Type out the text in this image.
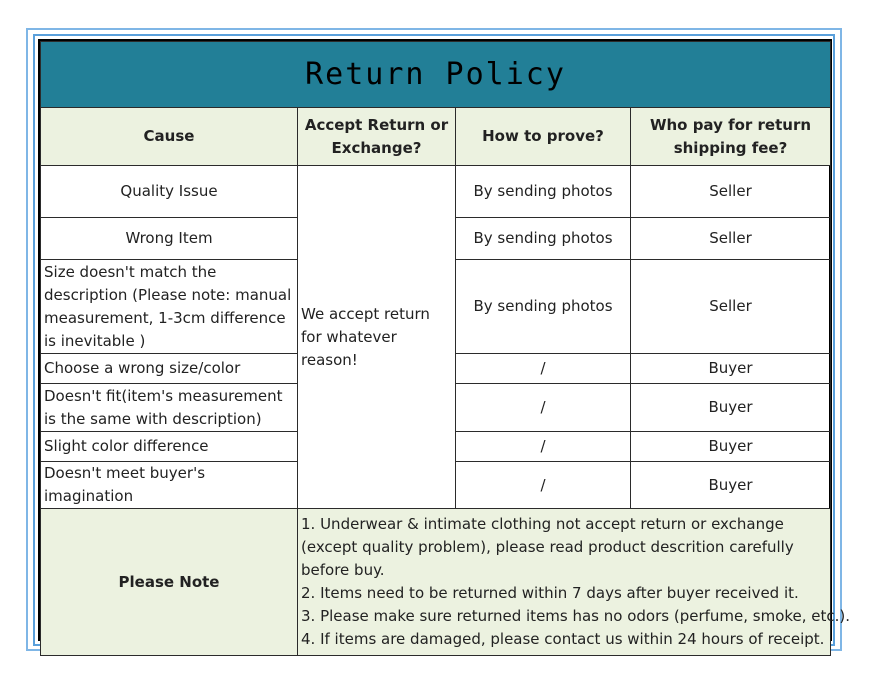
Return Policy			
Cause	Accept Return or Exchange?	How to prove?	Who pay for return shipping fee?
Quality Issue	We accept return for whatever reason!	By sending photos	Seller
Wrong Item		By sending photos	Seller
Size doesn't match the description (Please note: manual measurement, 1-3cm difference is inevitable )		By sending photos	Seller
Choose a wrong size/color		/	Buyer
Doesn't fit(item's measurement is the same with description)		/	Buyer
Slight color difference		/	Buyer
Doesn't meet buyer's imagination		/	Buyer
Please Note	1. Underwear & intimate clothing not accept return or exchange (except quality problem), please read product descrition carefully before buy.
2. Items need to be returned within 7 days after buyer received it.
3. Please make sure returned items has no odors (perfume, smoke, etc.).
4. If items are damaged, please contact us within 24 hours of receipt.		
